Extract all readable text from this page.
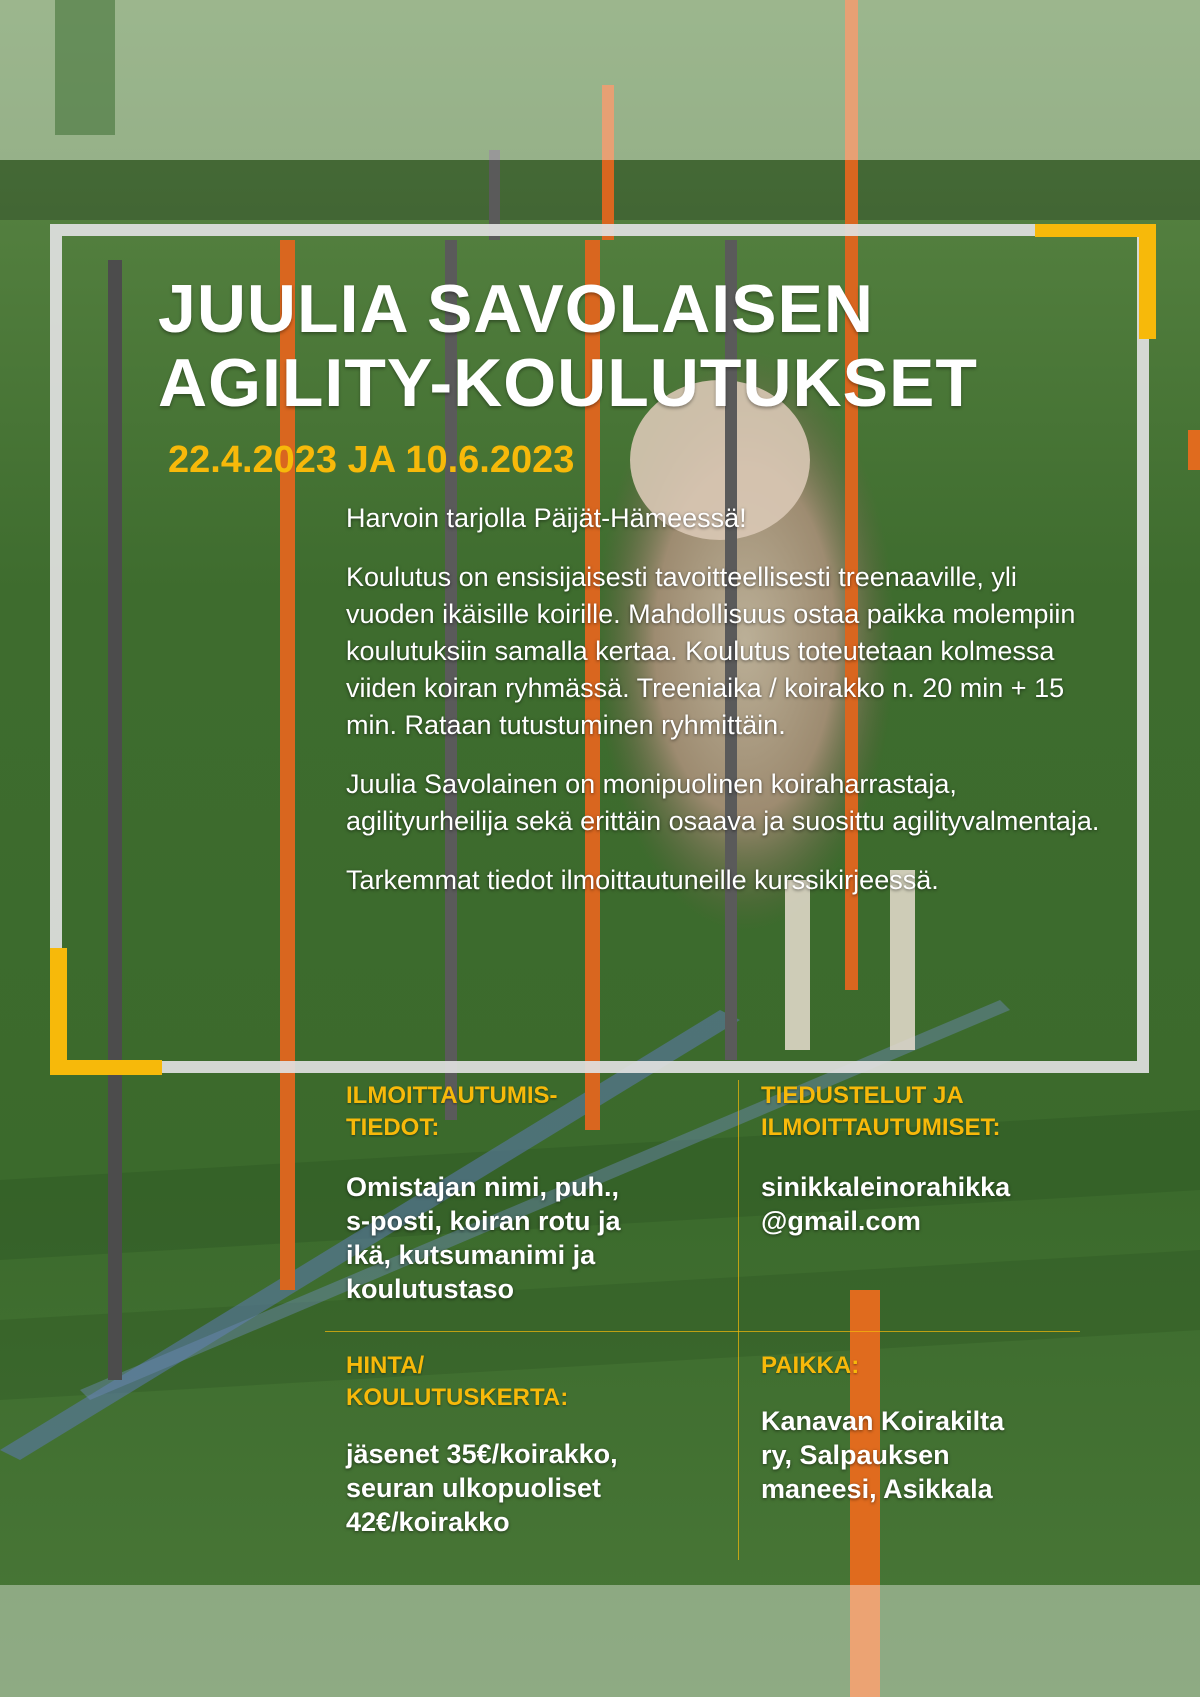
JUULIA SAVOLAISEN
AGILITY-KOULUTUKSET
22.4.2023 JA 10.6.2023

Harvoin tarjolla Päijät-Hämeessä!

Koulutus on ensisijaisesti tavoitteellisesti treenaaville, yli vuoden ikäisille koirille. Mahdollisuus ostaa paikka molempiin koulutuksiin samalla kertaa. Koulutus toteutetaan kolmessa viiden koiran ryhmässä. Treeniaika / koirakko n. 20 min + 15 min. Rataan tutustuminen ryhmittäin.

Juulia Savolainen on monipuolinen koiraharrastaja, agilityurheilija sekä erittäin osaava ja suosittu agilityvalmentaja.

Tarkemmat tiedot ilmoittautuneille kurssikirjeessä.

ILMOITTAUTUMIS-
TIEDOT:
Omistajan nimi, puh.,
s-posti, koiran rotu ja
ikä, kutsumanimi ja
koulutustaso
TIEDUSTELUT JA
ILMOITTAUTUMISET:
sinikkaleinorahikka
@gmail.com
HINTA/
KOULUTUSKERTA:
jäsenet 35€/koirakko,
seuran ulkopuoliset
42€/koirakko
PAIKKA:
Kanavan Koirakilta
ry, Salpauksen
maneesi, Asikkala
